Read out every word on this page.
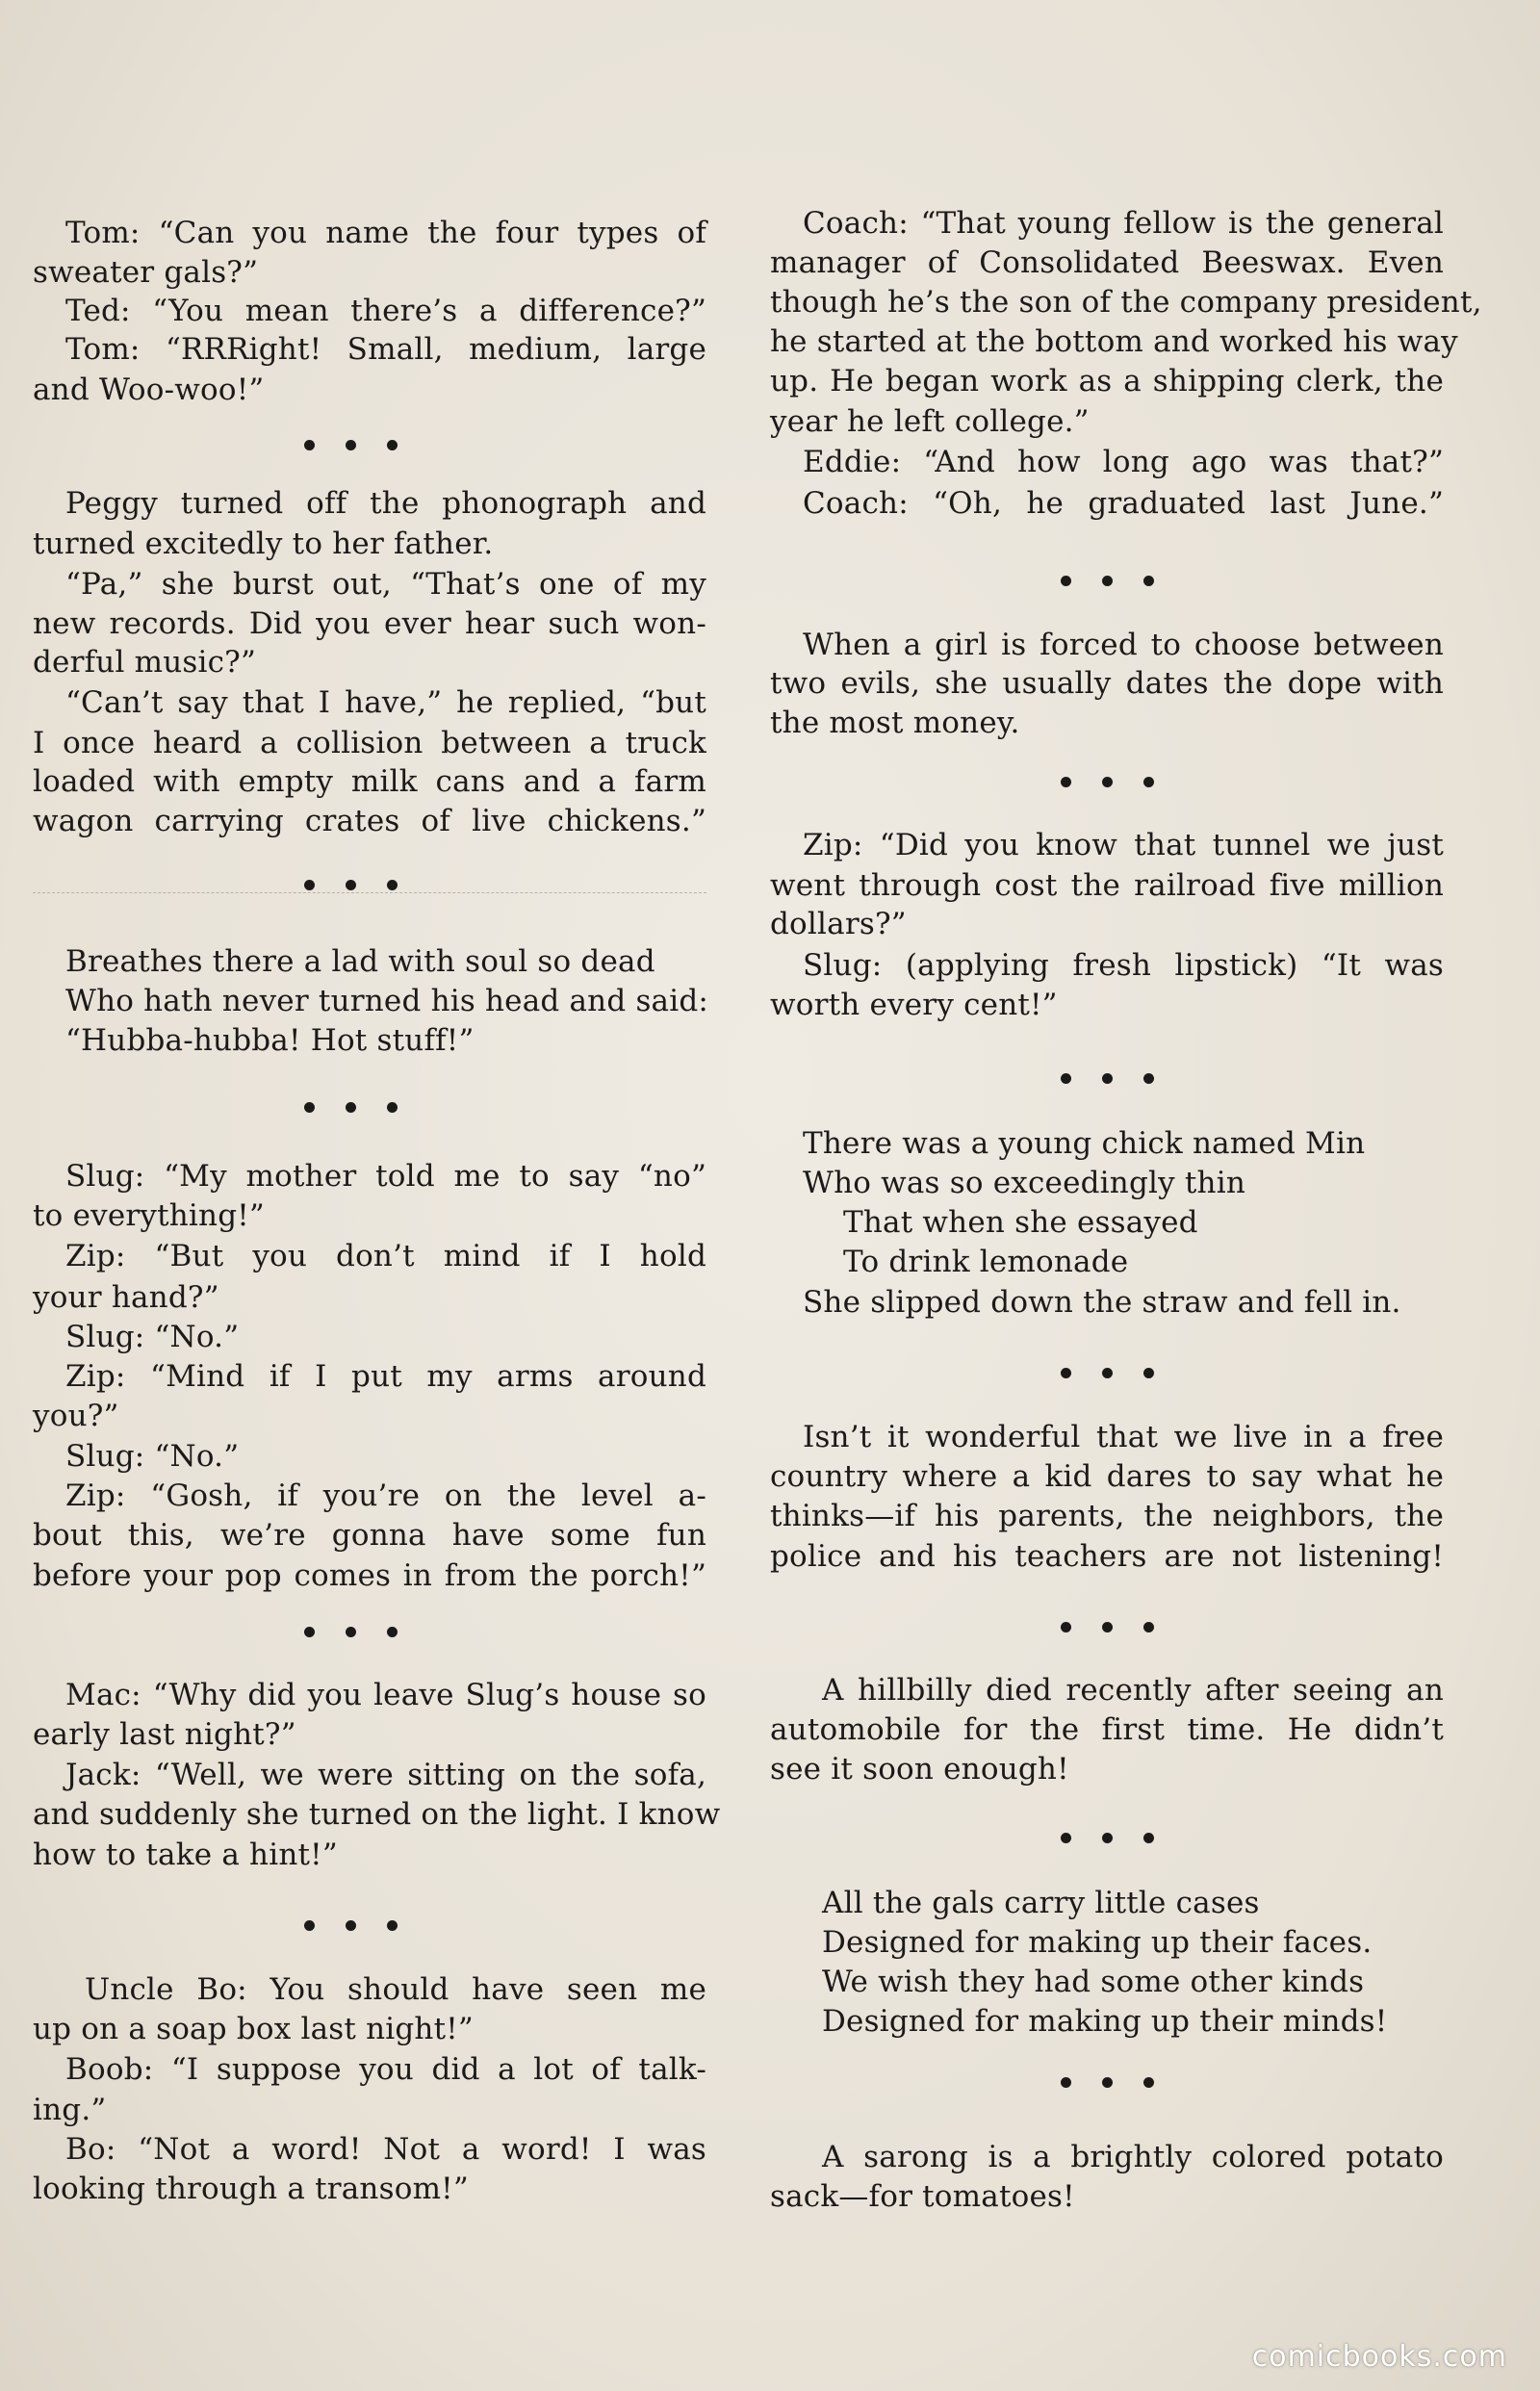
Tom: “Can you name the four types of
sweater gals?”
Ted: “You mean there’s a difference?”
Tom: “RRRight! Small, medium, large
and Woo-woo!”
Peggy turned off the phonograph and
turned excitedly to her father.
“Pa,” she burst out, “That’s one of my
new records. Did you ever hear such won-
derful music?”
“Can’t say that I have,” he replied, “but
I once heard a collision between a truck
loaded with empty milk cans and a farm
wagon carrying crates of live chickens.”
Breathes there a lad with soul so dead
Who hath never turned his head and said:
“Hubba-hubba! Hot stuff!”
Slug: “My mother told me to say “no”
to everything!”
Zip: “But you don’t mind if I hold
your hand?”
Slug: “No.”
Zip: “Mind if I put my arms around
you?”
Slug: “No.”
Zip: “Gosh, if you’re on the level a-
bout this, we’re gonna have some fun
before your pop comes in from the porch!”
Mac: “Why did you leave Slug’s house so
early last night?”
Jack: “Well, we were sitting on the sofa,
and suddenly she turned on the light. I know
how to take a hint!”
Uncle Bo: You should have seen me
up on a soap box last night!”
Boob: “I suppose you did a lot of talk-
ing.”
Bo: “Not a word! Not a word! I was
looking through a transom!”
Coach: “That young fellow is the general
manager of Consolidated Beeswax. Even
though he’s the son of the company president,
he started at the bottom and worked his way
up. He began work as a shipping clerk, the
year he left college.”
Eddie: “And how long ago was that?”
Coach: “Oh, he graduated last June.”
When a girl is forced to choose between
two evils, she usually dates the dope with
the most money.
Zip: “Did you know that tunnel we just
went through cost the railroad five million
dollars?”
Slug: (applying fresh lipstick) “It was
worth every cent!”
There was a young chick named Min
Who was so exceedingly thin
That when she essayed
To drink lemonade
She slipped down the straw and fell in.
Isn’t it wonderful that we live in a free
country where a kid dares to say what he
thinks—if his parents, the neighbors, the
police and his teachers are not listening!
A hillbilly died recently after seeing an
automobile for the first time. He didn’t
see it soon enough!
All the gals carry little cases
Designed for making up their faces.
We wish they had some other kinds
Designed for making up their minds!
A sarong is a brightly colored potato
sack—for tomatoes!
comicbooks.com
